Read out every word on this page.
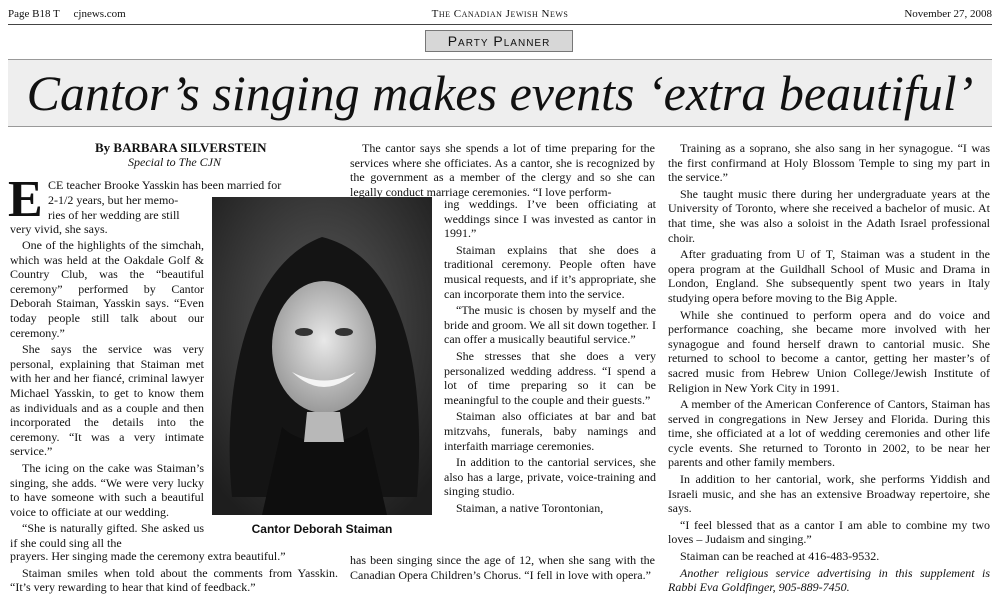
Page B18 T cjnews.com	The Canadian Jewish News	November 27, 2008
Party Planner
Cantor’s singing makes events ‘extra beautiful’
By BARBARA SILVERSTEIN
Special to The CJN
E CE teacher Brooke Yasskin has been married for
2-1/2 years, but her memo-
ries of her wedding are still
very vivid, she says.

One of the highlights of the simchah, which was held at the Oakdale Golf & Country Club, was the “beautiful ceremony” performed by Cantor Deborah Staiman, Yasskin says. “Even today people still talk about our ceremony.”

She says the service was very personal, explaining that Staiman met with her and her fiancé, criminal lawyer Michael Yasskin, to get to know them as individuals and as a couple and then incorporated the details into the ceremony. “It was a very intimate service.”

The icing on the cake was Staiman’s singing, she adds. “We were very lucky to have someone with such a beautiful voice to officiate at our wedding.

“She is naturally gifted. She asked us if she could sing all the

prayers. Her singing made the ceremony extra beautiful.”

Staiman smiles when told about the comments from Yasskin. “It’s very rewarding to hear that kind of feedback.”

Cantor Deborah Staiman

The cantor says she spends a lot of time preparing for the services where she officiates. As a cantor, she is recognized by the government as a member of the clergy and so she can legally conduct marriage ceremonies. “I love perform-

ing weddings. I’ve been officiating at weddings since I was invested as cantor in 1991.”

Staiman explains that she does a traditional ceremony. People often have musical requests, and if it’s appropriate, she can incorporate them into the service.

“The music is chosen by myself and the bride and groom. We all sit down together. I can offer a musically beautiful service.”

She stresses that she does a very personalized wedding address. “I spend a lot of time preparing so it can be meaningful to the couple and their guests.”

Staiman also officiates at bar and bat mitzvahs, funerals, baby namings and interfaith marriage ceremonies.

In addition to the cantorial services, she also has a large, private, voice-training and singing studio.

Staiman, a native Torontonian,

has been singing since the age of 12, when she sang with the Canadian Opera Children’s Chorus. “I fell in love with opera.”

Training as a soprano, she also sang in her synagogue. “I was the first confirmand at Holy Blossom Temple to sing my part in the service.”

She taught music there during her undergraduate years at the University of Toronto, where she received a bachelor of music. At that time, she was also a soloist in the Adath Israel professional choir.

After graduating from U of T, Staiman was a student in the opera program at the Guildhall School of Music and Drama in London, England. She subsequently spent two years in Italy studying opera before moving to the Big Apple.

While she continued to perform opera and do voice and performance coaching, she became more involved with her synagogue and found herself drawn to cantorial music. She returned to school to become a cantor, getting her master’s of sacred music from Hebrew Union College/Jewish Institute of Religion in New York City in 1991.

A member of the American Conference of Cantors, Staiman has served in congregations in New Jersey and Florida. During this time, she officiated at a lot of wedding ceremonies and other life cycle events. She returned to Toronto in 2002, to be near her parents and other family members.

In addition to her cantorial, work, she performs Yiddish and Israeli music, and she has an extensive Broadway repertoire, she says.

“I feel blessed that as a cantor I am able to combine my two loves – Judaism and singing.”

Staiman can be reached at 416-483-9532.

Another religious service advertising in this supplement is Rabbi Eva Goldfinger, 905-889-7450.
